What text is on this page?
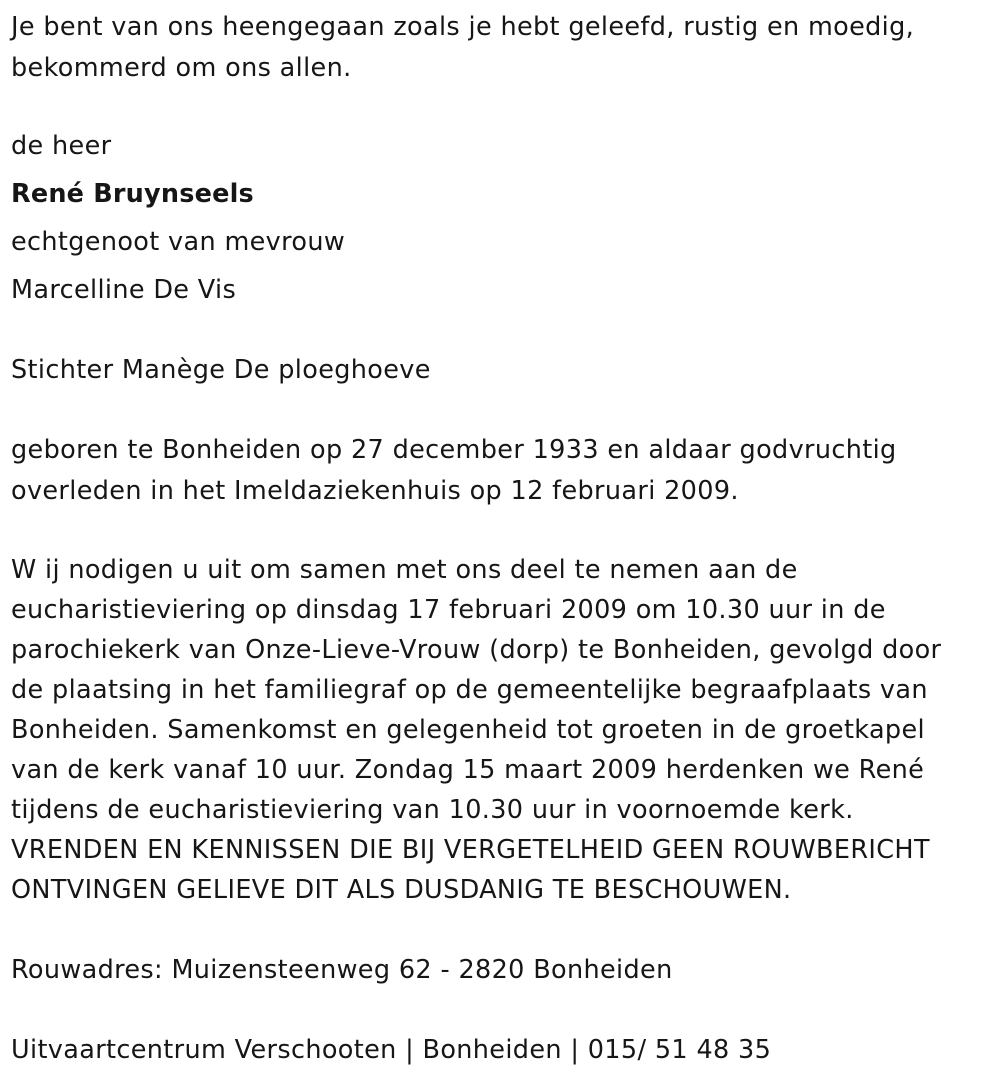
Je bent van ons heengegaan zoals je hebt geleefd, rustig en moedig,
bekommerd om ons allen.
de heer
René Bruynseels
echtgenoot van mevrouw
Marcelline De Vis
Stichter Manège De ploeghoeve
geboren te Bonheiden op 27 december 1933 en aldaar godvruchtig
overleden in het Imeldaziekenhuis op 12 februari 2009.
W ij nodigen u uit om samen met ons deel te nemen aan de
eucharistieviering op dinsdag 17 februari 2009 om 10.30 uur in de
parochiekerk van Onze-Lieve-Vrouw (dorp) te Bonheiden, gevolgd door
de plaatsing in het familiegraf op de gemeentelijke begraafplaats van
Bonheiden. Samenkomst en gelegenheid tot groeten in de groetkapel
van de kerk vanaf 10 uur. Zondag 15 maart 2009 herdenken we René
tijdens de eucharistieviering van 10.30 uur in voornoemde kerk.
VRENDEN EN KENNISSEN DIE BIJ VERGETELHEID GEEN ROUWBERICHT
ONTVINGEN GELIEVE DIT ALS DUSDANIG TE BESCHOUWEN.
Rouwadres: Muizensteenweg 62 - 2820 Bonheiden
Uitvaartcentrum Verschooten | Bonheiden | 015/ 51 48 35
